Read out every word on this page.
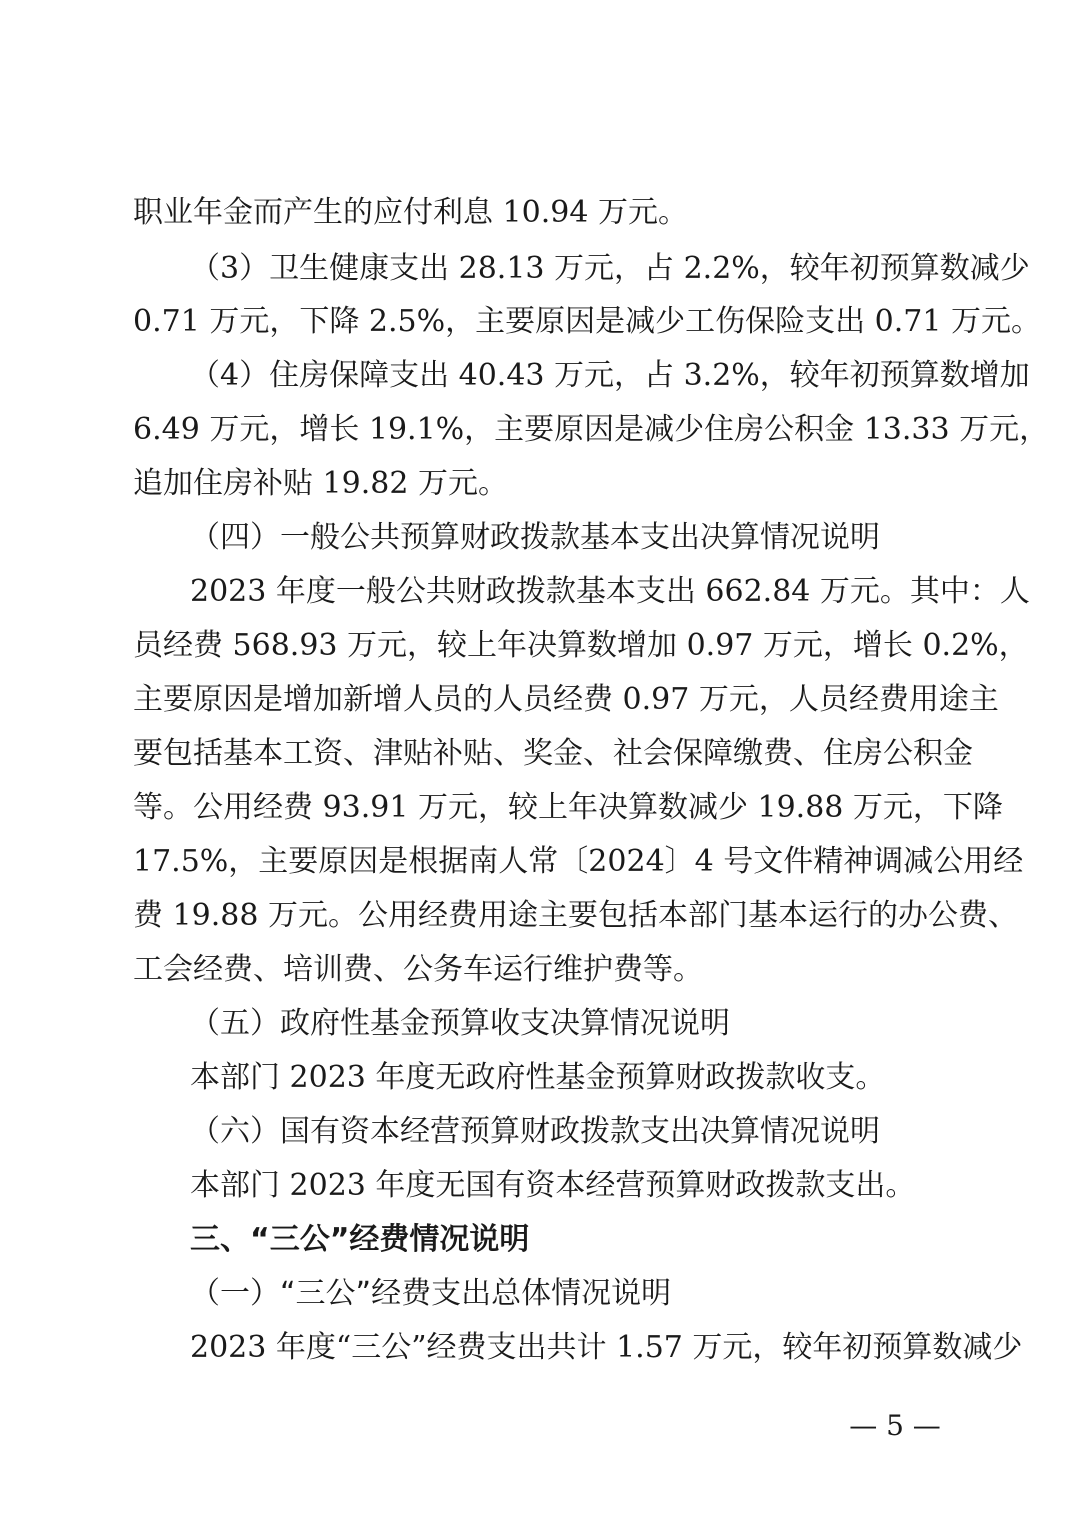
职业年金而产生的应付利息 10.94 万元。

（3）卫生健康支出 28.13 万元，占 2.2%，较年初预算数减少

0.71 万元，下降 2.5%，主要原因是减少工伤保险支出 0.71 万元。

（4）住房保障支出 40.43 万元，占 3.2%，较年初预算数增加

6.49 万元，增长 19.1%，主要原因是减少住房公积金 13.33 万元，

追加住房补贴 19.82 万元。

（四）一般公共预算财政拨款基本支出决算情况说明

2023 年度一般公共财政拨款基本支出 662.84 万元。其中：人

员经费 568.93 万元，较上年决算数增加 0.97 万元，增长 0.2%，

主要原因是增加新增人员的人员经费 0.97 万元，人员经费用途主

要包括基本工资、津贴补贴、奖金、社会保障缴费、住房公积金

等。公用经费 93.91 万元，较上年决算数减少 19.88 万元，下降

17.5%，主要原因是根据南人常〔2024〕4 号文件精神调减公用经

费 19.88 万元。公用经费用途主要包括本部门基本运行的办公费、

工会经费、培训费、公务车运行维护费等。

（五）政府性基金预算收支决算情况说明

本部门 2023 年度无政府性基金预算财政拨款收支。

（六）国有资本经营预算财政拨款支出决算情况说明

本部门 2023 年度无国有资本经营预算财政拨款支出。

三、“三公”经费情况说明

（一）“三公”经费支出总体情况说明

2023 年度“三公”经费支出共计 1.57 万元，较年初预算数减少

— 5 —
